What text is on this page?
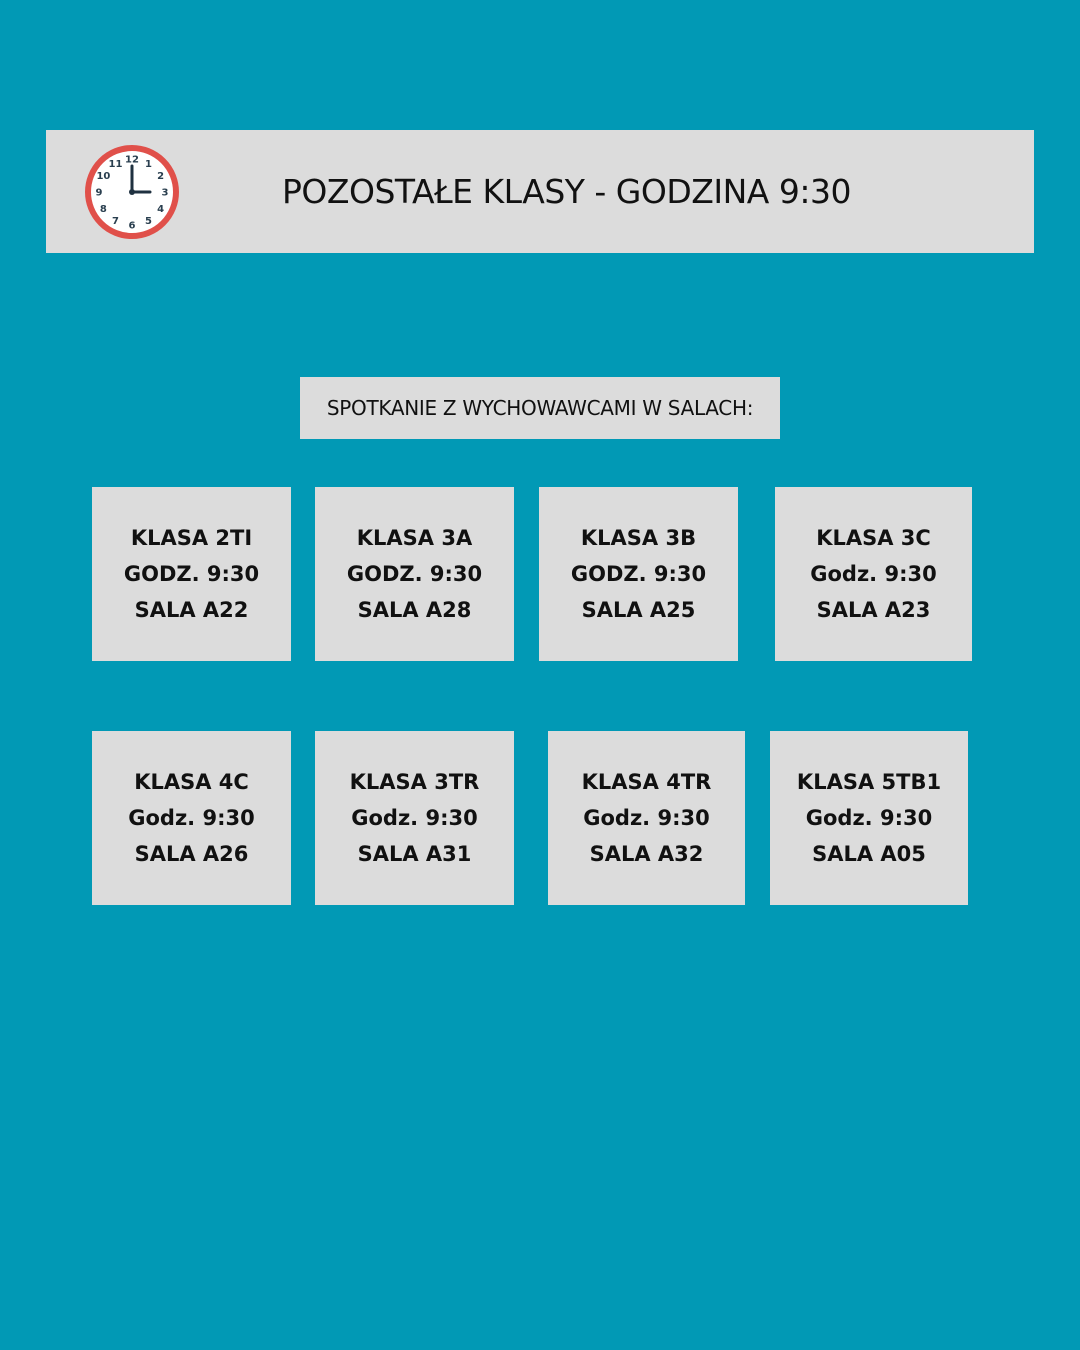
12 1
2
3
4
5
6
7
8
9
10
11
POZOSTAŁE KLASY - GODZINA 9:30
SPOTKANIE Z WYCHOWAWCAMI W SALACH:
KLASA 2TI
GODZ. 9:30
SALA A22
KLASA 3A
GODZ. 9:30
SALA A28
KLASA 3B
GODZ. 9:30
SALA A25
KLASA 3C
Godz. 9:30
SALA A23
KLASA 4C
Godz. 9:30
SALA A26
KLASA 3TR
Godz. 9:30
SALA A31
KLASA 4TR
Godz. 9:30
SALA A32
KLASA 5TB1
Godz. 9:30
SALA A05
